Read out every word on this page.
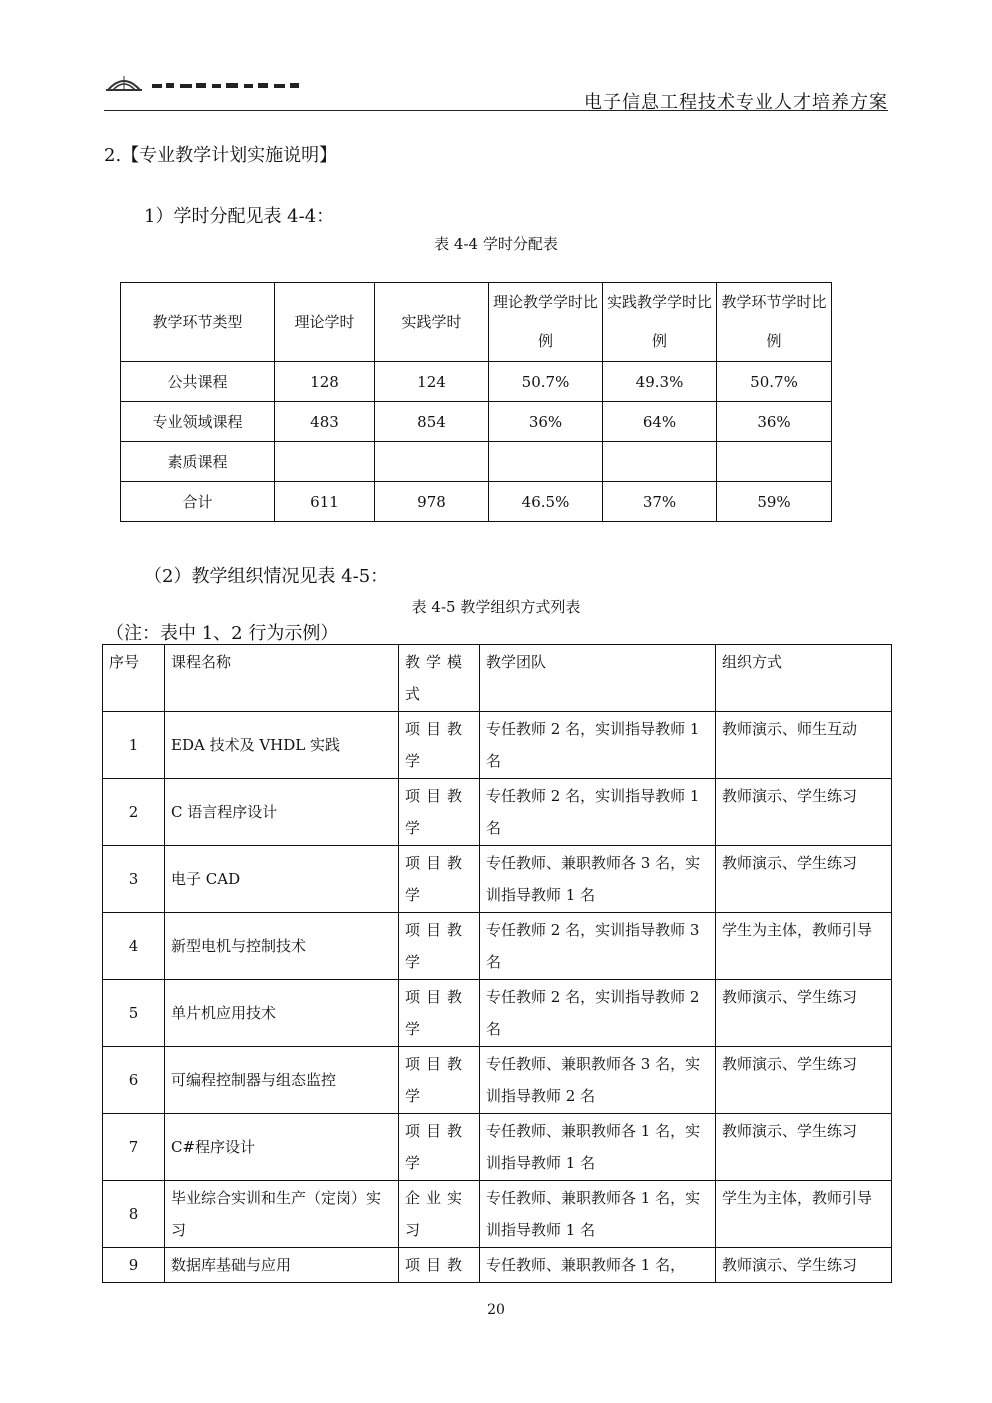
电子信息工程技术专业人才培养方案
2.【专业教学计划实施说明】
1）学时分配见表 4-4：
表 4-4 学时分配表
教学环节类型	理论学时	实践学时	理论教学学时比例	实践教学学时比例	教学环节学时比例
公共课程	128	124	50.7%	49.3%	50.7%
专业领域课程	483	854	36%	64%	36%
素质课程					
合计	611	978	46.5%	37%	59%
（2）教学组织情况见表 4-5：
表 4-5 教学组织方式列表
（注：表中 1、2 行为示例）
序号	课程名称	教学模式	教学团队	组织方式
1	EDA 技术及 VHDL 实践	项目教学	专任教师 2 名，实训指导教师 1 名	教师演示、师生互动
2	C 语言程序设计	项目教学	专任教师 2 名，实训指导教师 1 名	教师演示、学生练习
3	电子 CAD	项目教学	专任教师、兼职教师各 3 名，实训指导教师 1 名	教师演示、学生练习
4	新型电机与控制技术	项目教学	专任教师 2 名，实训指导教师 3 名	学生为主体，教师引导
5	单片机应用技术	项目教学	专任教师 2 名，实训指导教师 2 名	教师演示、学生练习
6	可编程控制器与组态监控	项目教学	专任教师、兼职教师各 3 名，实训指导教师 2 名	教师演示、学生练习
7	C#程序设计	项目教学	专任教师、兼职教师各 1 名，实训指导教师 1 名	教师演示、学生练习
8	毕业综合实训和生产（定岗）实习	企业实习	专任教师、兼职教师各 1 名，实训指导教师 1 名	学生为主体，教师引导
9	数据库基础与应用	项目教	专任教师、兼职教师各 1 名，	教师演示、学生练习
20
